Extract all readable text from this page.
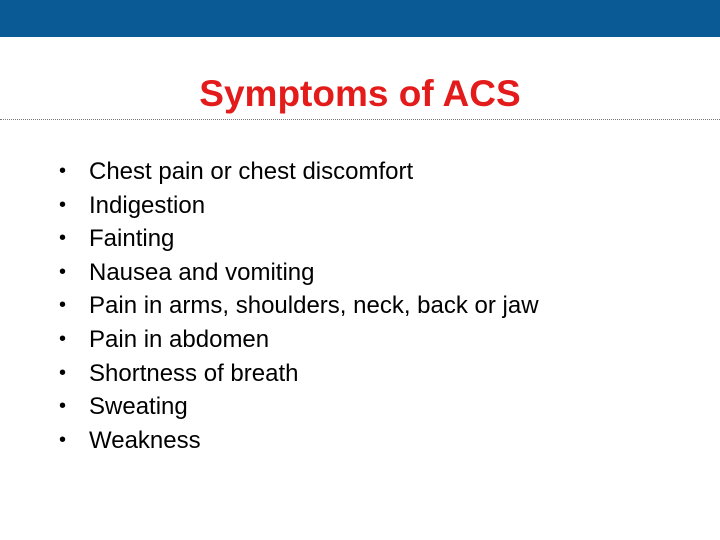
Symptoms of ACS
• Chest pain or chest discomfort
• Indigestion
• Fainting
• Nausea and vomiting
• Pain in arms, shoulders, neck, back or jaw
• Pain in abdomen
• Shortness of breath
• Sweating
• Weakness
